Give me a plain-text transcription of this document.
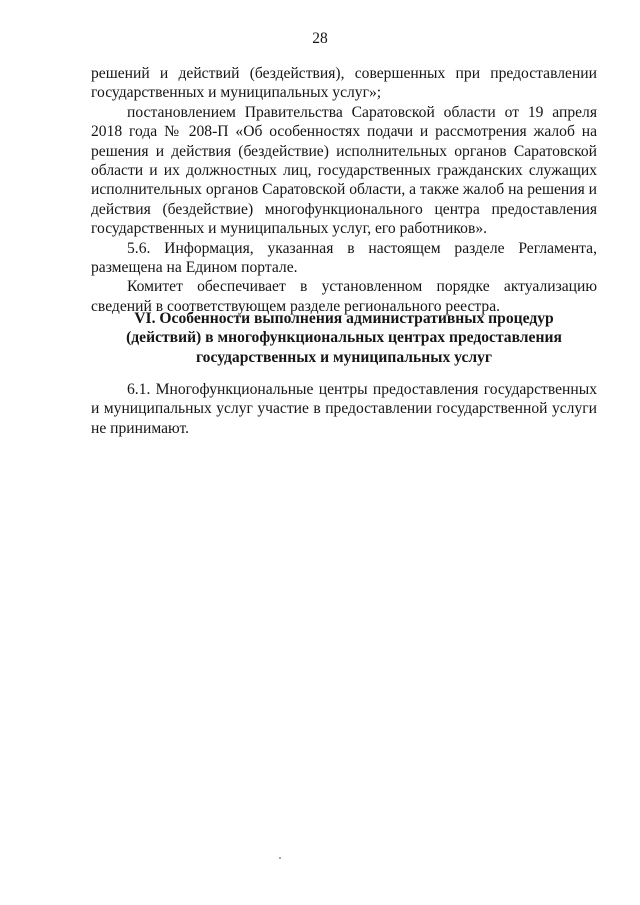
28

решений и действий (бездействия), совершенных при предоставлении государственных и муниципальных услуг»;

постановлением Правительства Саратовской области от 19 апреля 2018 года № 208-П «Об особенностях подачи и рассмотрения жалоб на решения и действия (бездействие) исполнительных органов Саратовской области и их должностных лиц, государственных гражданских служащих исполнительных органов Саратовской области, а также жалоб на решения и действия (бездействие) многофункционального центра предоставления государственных и муниципальных услуг, его работников».

5.6. Информация, указанная в настоящем разделе Регламента, размещена на Едином портале.

Комитет обеспечивает в установленном порядке актуализацию сведений в соответствующем разделе регионального реестра.

VI. Особенности выполнения административных процедур
(действий) в многофункциональных центрах предоставления
государственных и муниципальных услуг

6.1. Многофункциональные центры предоставления государственных и муниципальных услуг участие в предоставлении государственной услуги не принимают.
